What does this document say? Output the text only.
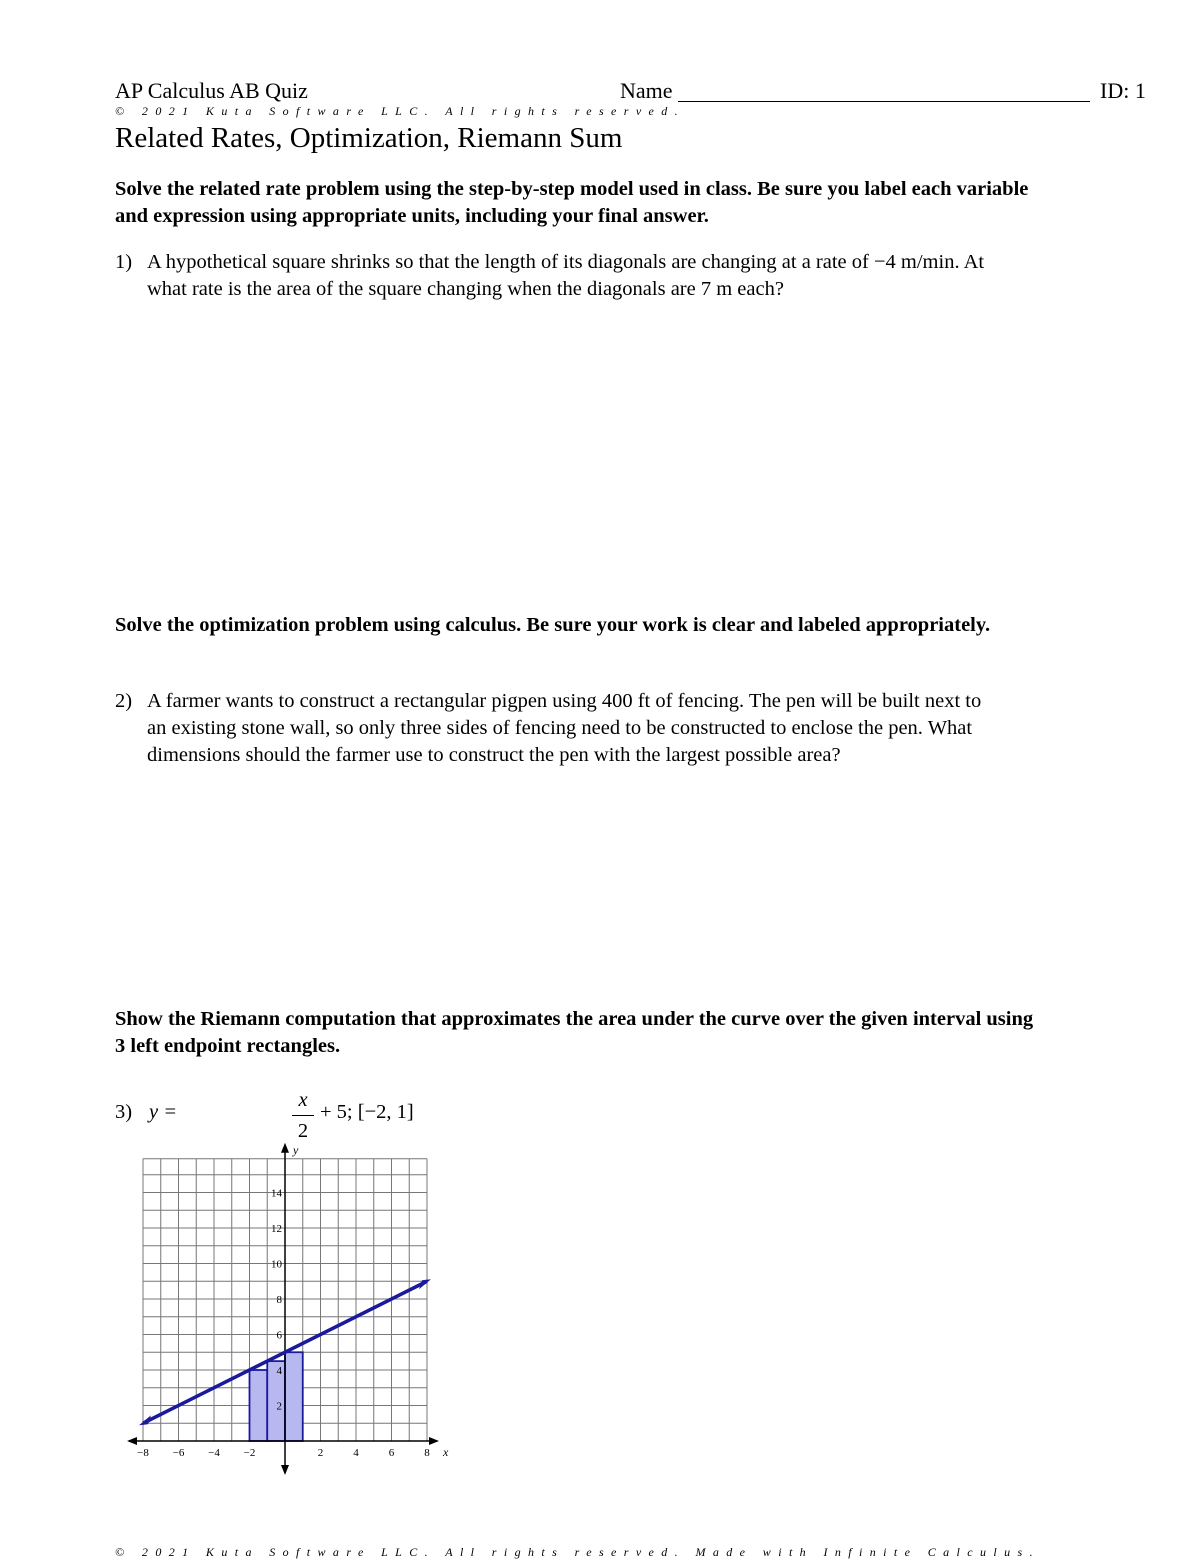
AP Calculus AB Quiz	Name	ID: 1
© 2021 Kuta Software LLC. All rights reserved.
Related Rates, Optimization, Riemann Sum
Solve the related rate problem using the step-by-step model used in class. Be sure you label each variable and expression using appropriate units, including your final answer.
1) A hypothetical square shrinks so that the length of its diagonals are changing at a rate of −4 m/min. At what rate is the area of the square changing when the diagonals are 7 m each?
Solve the optimization problem using calculus. Be sure your work is clear and labeled appropriately.
2) A farmer wants to construct a rectangular pigpen using 400 ft of fencing. The pen will be built next to an existing stone wall, so only three sides of fencing need to be constructed to enclose the pen. What dimensions should the farmer use to construct the pen with the largest possible area?
Show the Riemann computation that approximates the area under the curve over the given interval using 3 left endpoint rectangles.
3) y =
x
2
+ 5; [−2, 1]
−8 −6 −4 −2	2	4	6	8
2
4
6
8
10
12
14
x
y
© 2021 Kuta Software LLC. All rights reserved. Made with Infinite Calculus.
